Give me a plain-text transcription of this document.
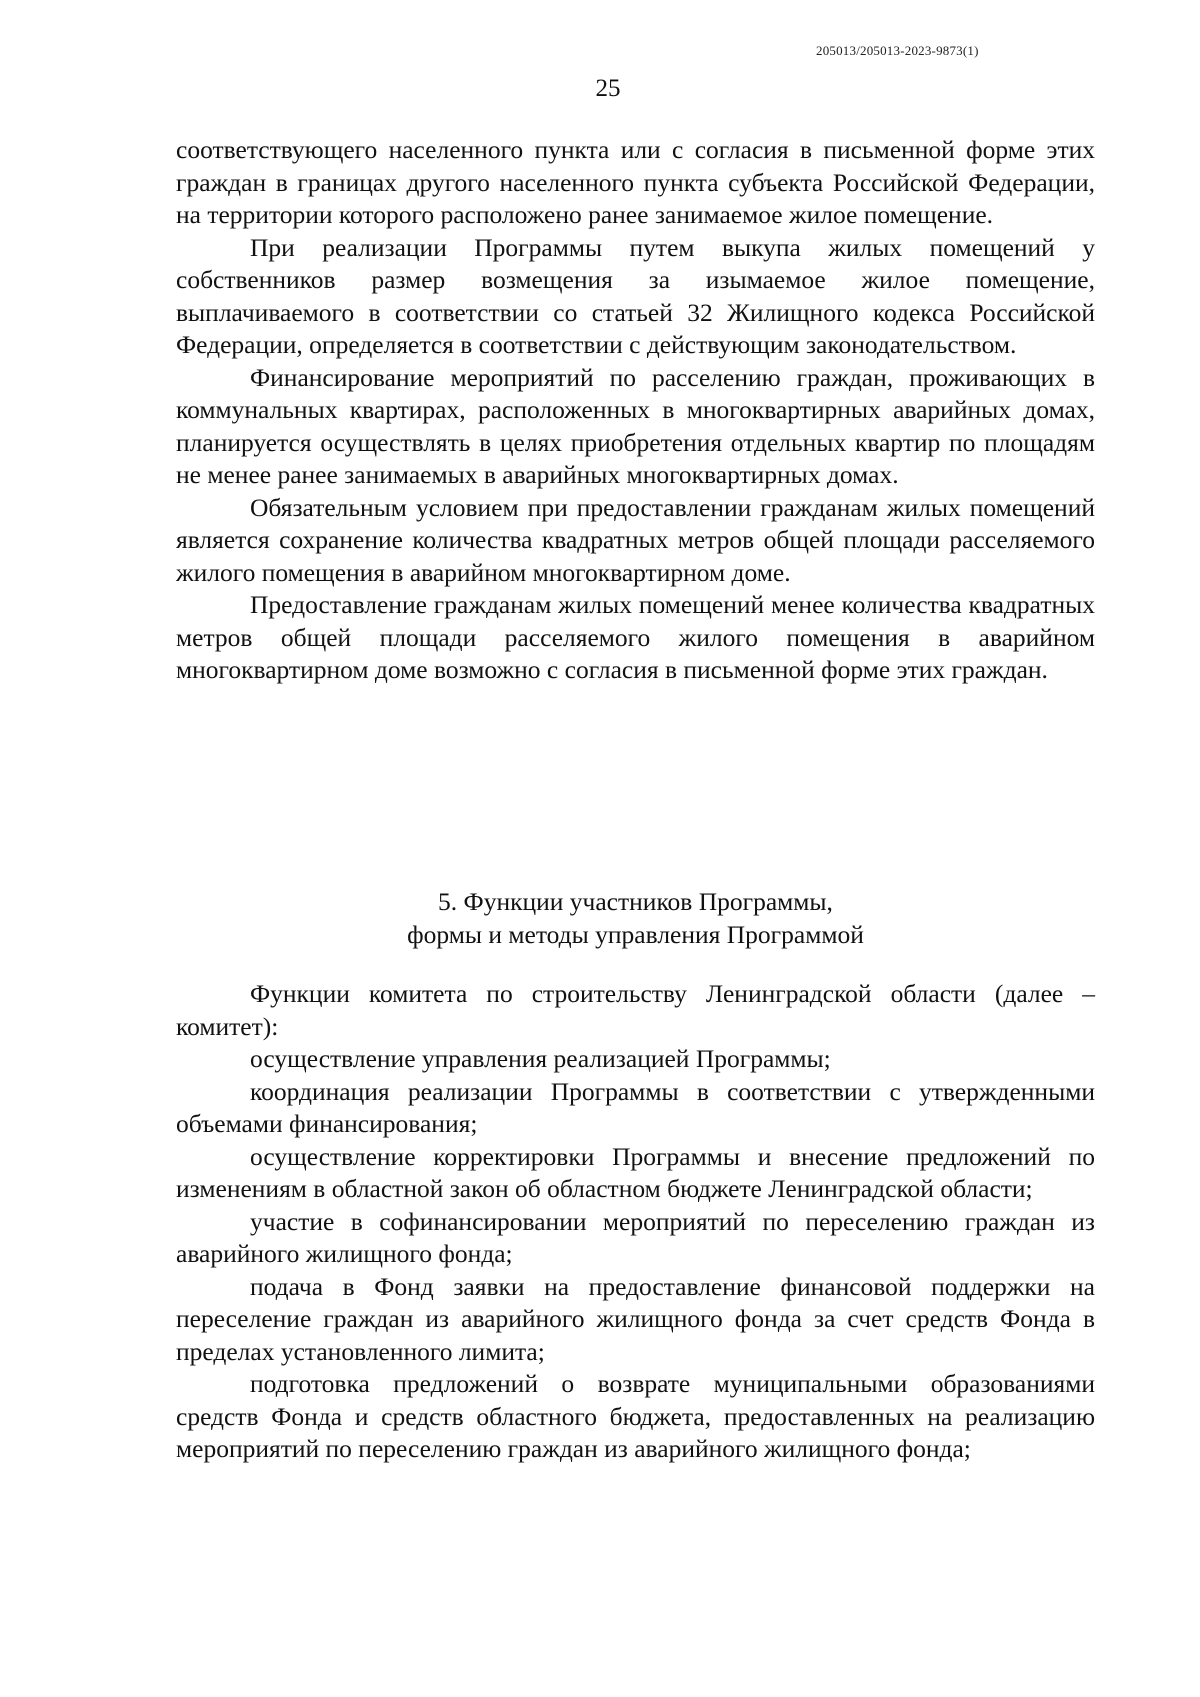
205013/205013-2023-9873(1)
25

соответствующего населенного пункта или с согласия в письменной форме этих граждан в границах другого населенного пункта субъекта Российской Федерации, на территории которого расположено ранее занимаемое жилое помещение.

При реализации Программы путем выкупа жилых помещений у собственников размер возмещения за изымаемое жилое помещение, выплачиваемого в соответствии со статьей 32 Жилищного кодекса Российской Федерации, определяется в соответствии с действующим законодательством.

Финансирование мероприятий по расселению граждан, проживающих в коммунальных квартирах, расположенных в многоквартирных аварийных домах, планируется осуществлять в целях приобретения отдельных квартир по площадям не менее ранее занимаемых в аварийных многоквартирных домах.

Обязательным условием при предоставлении гражданам жилых помещений является сохранение количества квадратных метров общей площади расселяемого жилого помещения в аварийном многоквартирном доме.

Предоставление гражданам жилых помещений менее количества квадратных метров общей площади расселяемого жилого помещения в аварийном многоквартирном доме возможно с согласия в письменной форме этих граждан.

5. Функции участников Программы,
формы и методы управления Программой

Функции комитета по строительству Ленинградской области (далее – комитет):

осуществление управления реализацией Программы;

координация реализации Программы в соответствии с утвержденными объемами финансирования;

осуществление корректировки Программы и внесение предложений по изменениям в областной закон об областном бюджете Ленинградской области;

участие в софинансировании мероприятий по переселению граждан из аварийного жилищного фонда;

подача в Фонд заявки на предоставление финансовой поддержки на переселение граждан из аварийного жилищного фонда за счет средств Фонда в пределах установленного лимита;

подготовка предложений о возврате муниципальными образованиями средств Фонда и средств областного бюджета, предоставленных на реализацию мероприятий по переселению граждан из аварийного жилищного фонда;
